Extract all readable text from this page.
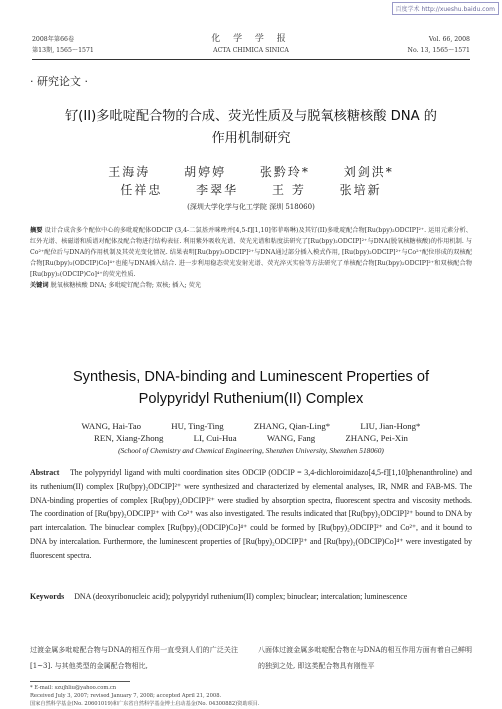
百度学术 http://xueshu.baidu.com
2008年第66卷
第13期, 1565～1571
化 学 学 报
ACTA CHIMICA SINICA
Vol. 66, 2008
No. 13, 1565～1571
· 研究论文 ·
钌(II)多吡啶配合物的合成、荧光性质及与脱氧核糖核酸 DNA 的
作用机制研究
王海涛	胡婷婷	张黔玲*	刘剑洪*
任祥忠	李翠华	王 芳	张培新
(深圳大学化学与化工学院 深圳 518060)
摘要 设计合成含多个配位中心的多吡啶配体ODCIP (3,4-二氯基并咪唑并[4,5-f][1,10]邻菲咯啉)及其钌(II)多吡啶配合物[Ru(bpy)₂ODCIP]²⁺. 运用元素分析、红外光谱、核磁谱和质谱对配体及配合物进行结构表征. 利用紫外吸收光谱、荧光光谱和粘度法研究了[Ru(bpy)₂ODCIP]²⁺与DNA(脱氧核糖核酸)的作用机制. 与Co²⁺配位后与DNA的作用机制及其荧光变化情况. 结果表明[Ru(bpy)₂ODCIP]²⁺与DNA通过部分插入模式作用, [Ru(bpy)₂ODCIP]²⁺与Co²⁺配位形成的双核配合物[Ru(bpy)₂(ODCIP)Co]⁴⁺也能与DNA插入结合. 进一步利用稳态荧光发射光谱、荧光淬灭实验等方法研究了单核配合物[Ru(bpy)₂ODCIP]²⁺和双核配合物[Ru(bpy)₂(ODCIP)Co]⁴⁺的荧光性质.
关键词 脱氧核糖核酸 DNA; 多吡啶钌配合物; 双核; 插入; 荧光
Synthesis, DNA-binding and Luminescent Properties of
Polypyridyl Ruthenium(II) Complex
WANG, Hai-Tao	HU, Ting-Ting	ZHANG, Qian-Ling*	LIU, Jian-Hong*
REN, Xiang-Zhong	LI, Cui-Hua	WANG, Fang	ZHANG, Pei-Xin
(School of Chemistry and Chemical Engineering, Shenzhen University, Shenzhen 518060)
Abstract The polypyridyl ligand with multi coordination sites ODCIP (ODCIP = 3,4-dichloroimidazo[4,5-f][1,10]phenanthroline) and its ruthenium(II) complex [Ru(bpy)₂ODCIP]²⁺ were synthesized and characterized by elemental analyses, IR, NMR and FAB-MS. The DNA-binding properties of complex [Ru(bpy)₂ODCIP]²⁺ were studied by absorption spectra, fluorescent spectra and viscosity methods. The coordination of [Ru(bpy)₂ODCIP]²⁺ with Co²⁺ was also investigated. The results indicated that [Ru(bpy)₂ODCIP]²⁺ bound to DNA by part intercalation. The binuclear complex [Ru(bpy)₂(ODCIP)Co]⁴⁺ could be formed by [Ru(bpy)₂ODCIP]²⁺ and Co²⁺, and it bound to DNA by intercalation. Furthermore, the luminescent properties of [Ru(bpy)₂ODCIP]²⁺ and [Ru(bpy)₂(ODCIP)Co]⁴⁺ were investigated by fluorescent spectra.
Keywords DNA (deoxyribonucleic acid); polypyridyl ruthenium(II) complex; binuclear; intercalation; luminescence
过渡金属多吡啶配合物与DNA的相互作用一直受到人们的广泛关注[1~3]. 与其他类型的金属配合物相比,
八面体过渡金属多吡啶配合物在与DNA的相互作用方面有着自己鲜明的独到之处, 即这类配合物具有刚性平
* E-mail: szujhliu@yahoo.com.cn
Received July 3, 2007; revised January 7, 2008; accepted April 21, 2008.
国家自然科学基金(No. 20601019)和广东省自然科学基金博士启动基金(No. 04300882)资助项目.
